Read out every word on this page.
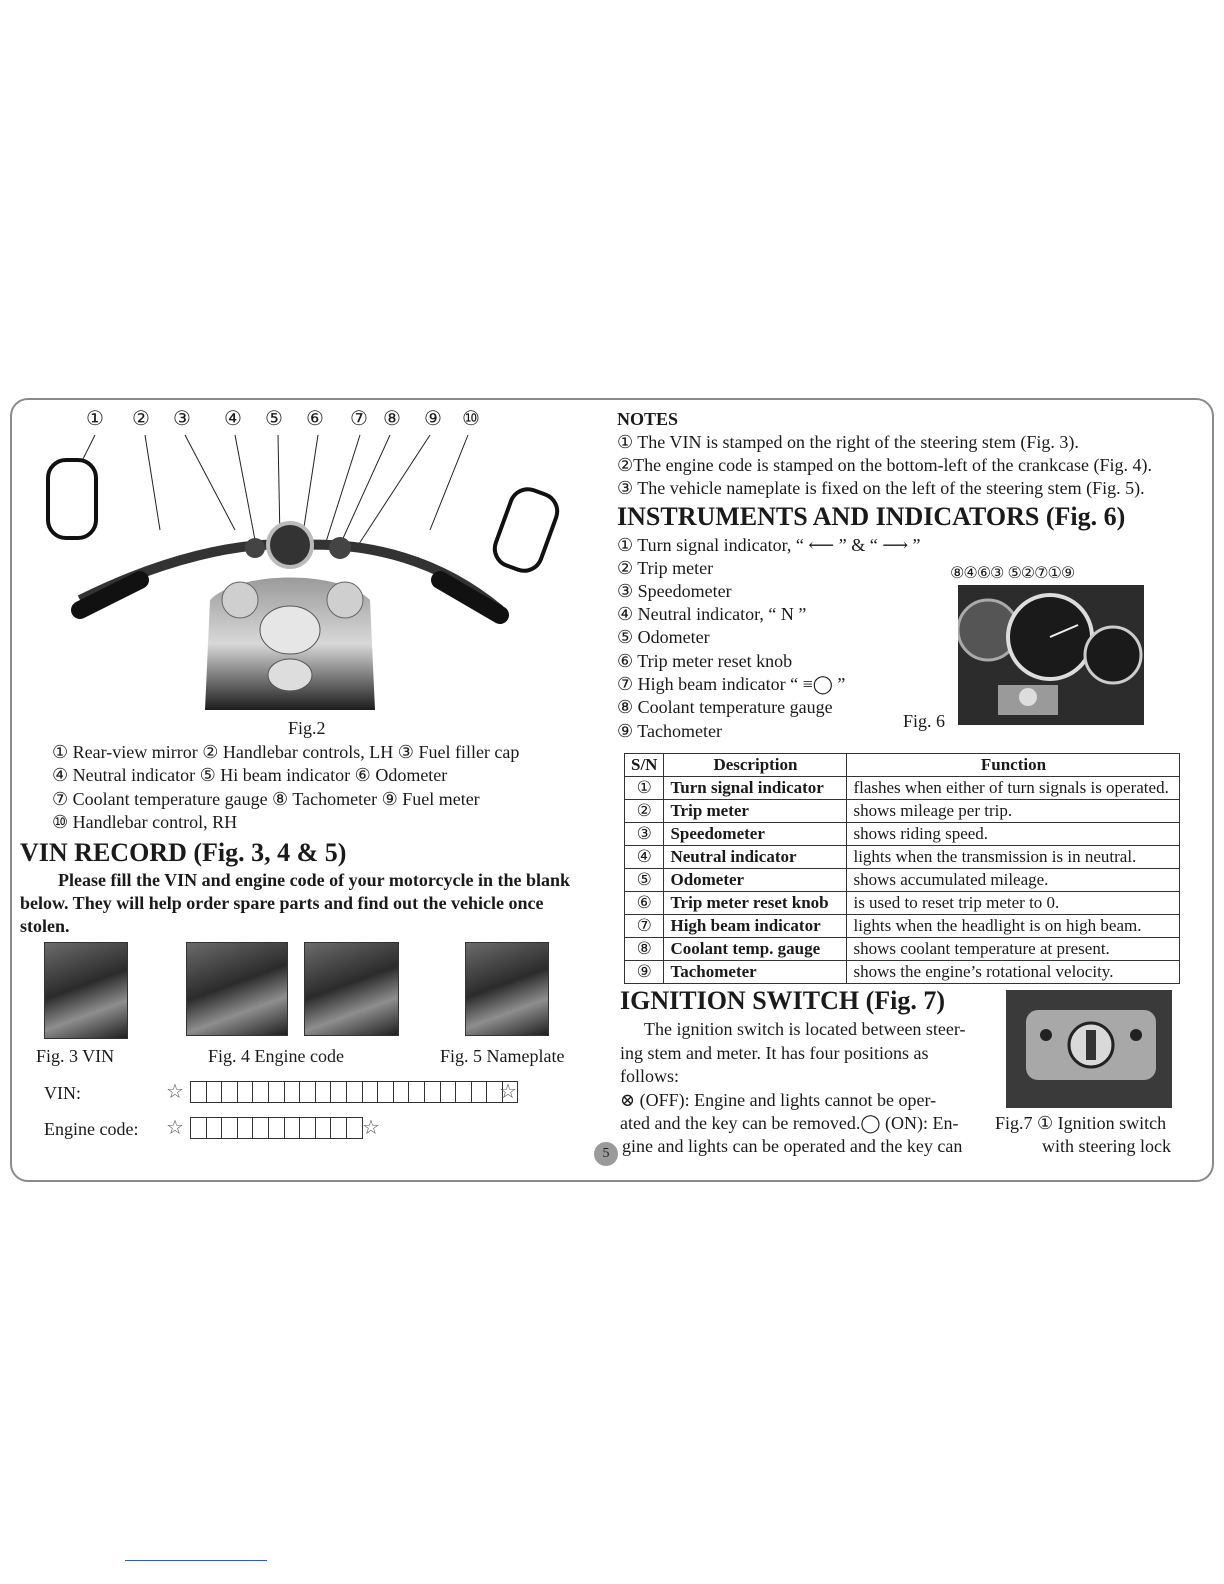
① ② ③ ④ ⑤ ⑥ ⑦ ⑧ ⑨ ⑩
Fig.2
① Rear-view mirror ② Handlebar controls, LH ③ Fuel filler cap
④ Neutral indicator ⑤ Hi beam indicator ⑥ Odometer
⑦ Coolant temperature gauge ⑧ Tachometer ⑨ Fuel meter
⑩ Handlebar control, RH
VIN RECORD (Fig. 3, 4 & 5)
Please fill the VIN and engine code of your motorcycle in the blank
below. They will help order spare parts and find out the vehicle once
stolen.
Fig. 3 VIN	Fig. 4 Engine code	Fig. 5 Nameplate
VIN:	☆	☆
Engine code: ☆	☆
NOTES
① The VIN is stamped on the right of the steering stem (Fig. 3).
②The engine code is stamped on the bottom-left of the crankcase (Fig. 4).
③ The vehicle nameplate is fixed on the left of the steering stem (Fig. 5).
INSTRUMENTS AND INDICATORS (Fig. 6)
① Turn signal indicator, “ ⟵ ” & “ ⟶ ”
② Trip meter
③ Speedometer
④ Neutral indicator, “ N ”
⑤ Odometer
⑥ Trip meter reset knob
⑦ High beam indicator “ ≡◯ ”
⑧ Coolant temperature gauge
⑨ Tachometer
⑧④⑥③ ⑤②⑦①⑨
Fig. 6
S/N	Description	Function
①	Turn signal indicator	flashes when either of turn signals is operated.
②	Trip meter	shows mileage per trip.
③	Speedometer	shows riding speed.
④	Neutral indicator	lights when the transmission is in neutral.
⑤	Odometer	shows accumulated mileage.
⑥	Trip meter reset knob	is used to reset trip meter to 0.
⑦	High beam indicator	lights when the headlight is on high beam.
⑧	Coolant temp. gauge	shows coolant temperature at present.
⑨	Tachometer	shows the engine’s rotational velocity.
IGNITION SWITCH (Fig. 7)
The ignition switch is located between steer-
ing stem and meter. It has four positions as
follows:
⊗ (OFF): Engine and lights cannot be oper-
ated and the key can be removed.◯ (ON): En-
gine and lights can be operated and the key can
Fig.7 ① Ignition switch
with steering lock
5
